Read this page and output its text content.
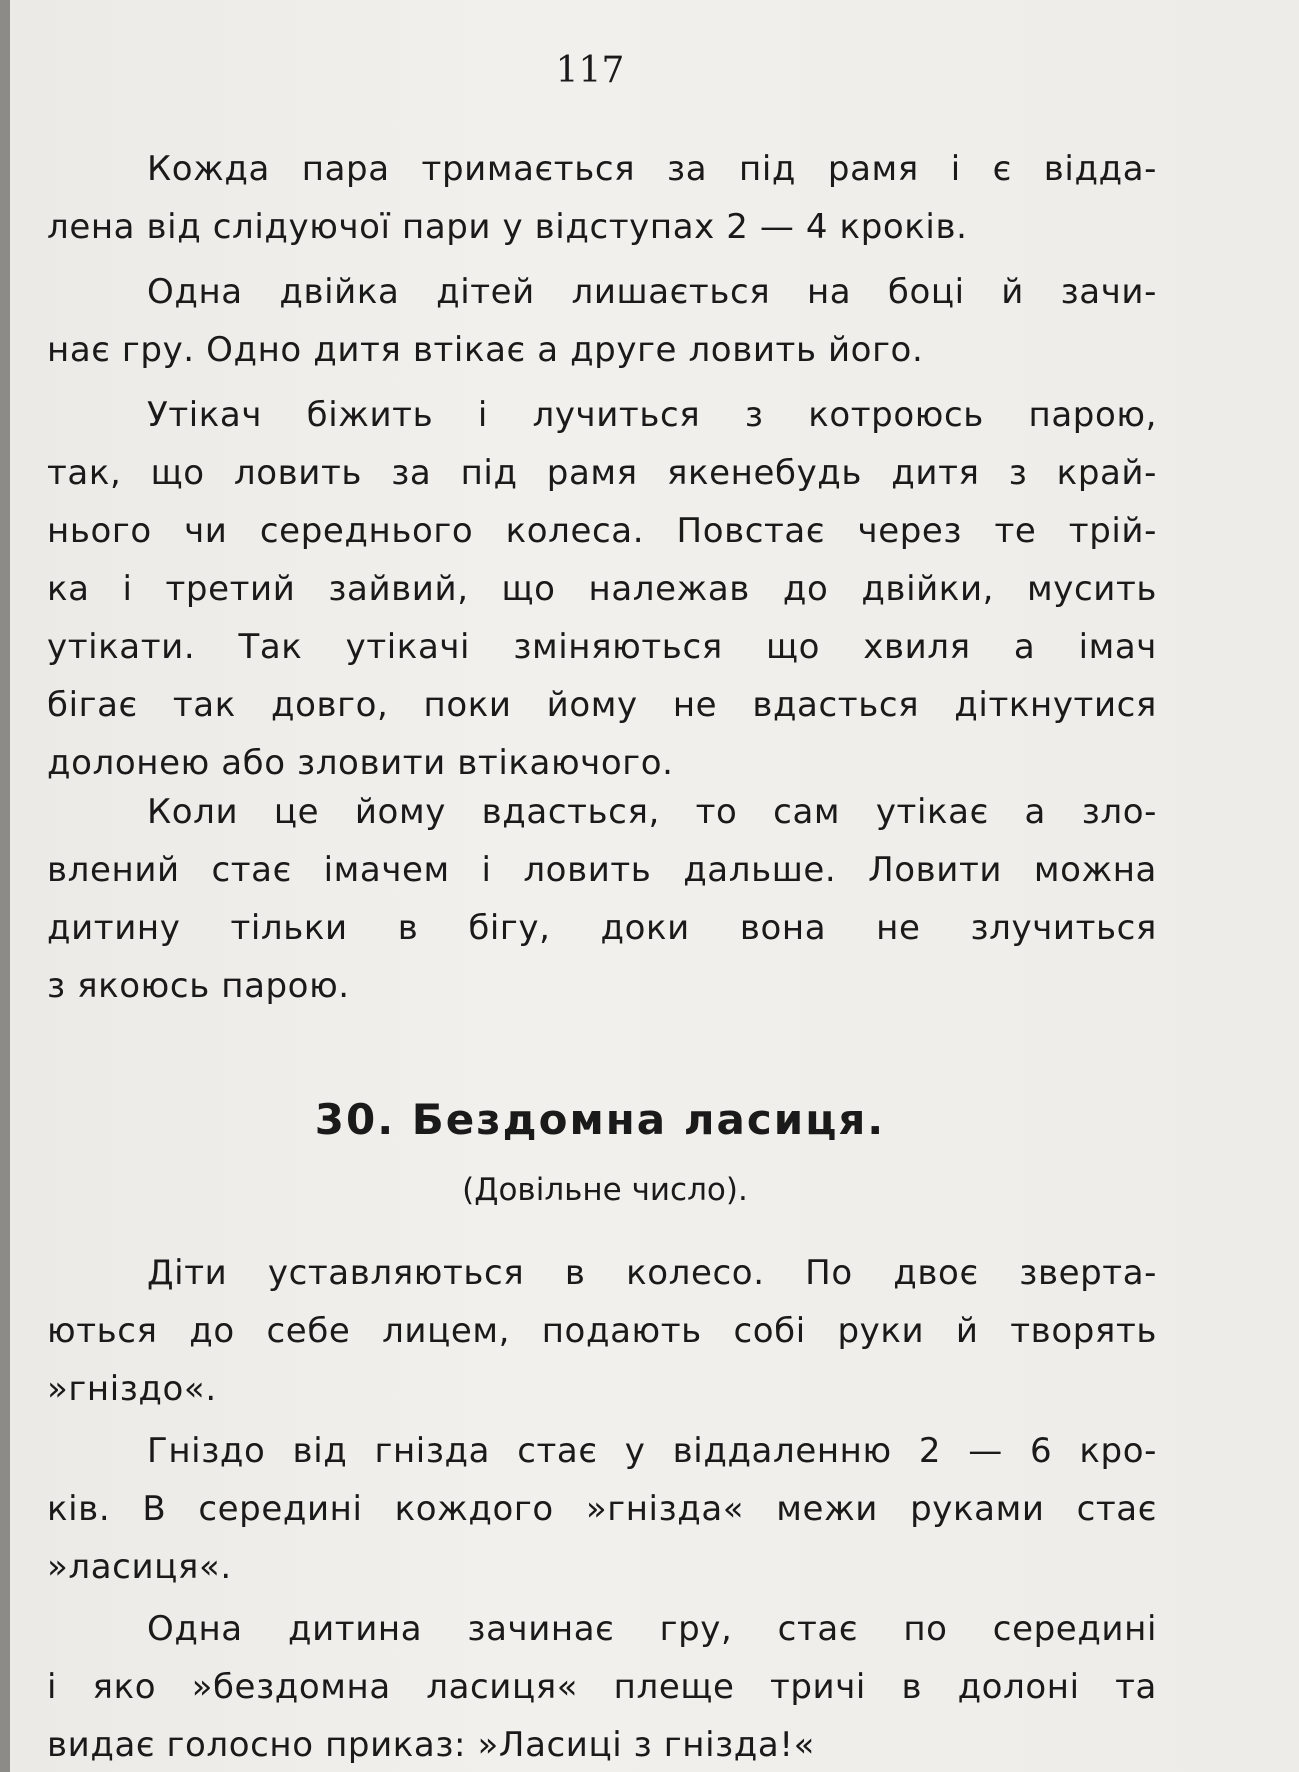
117
Кожда пара тримається за під рамя і є відда-
лена від слідуючої пари у відступах 2 — 4 кроків.
Одна двійка дітей лишається на боці й зачи-
нає гру. Одно дитя втікає а друге ловить його.
Утікач біжить і лучиться з котроюсь парою,
так, що ловить за під рамя якенебудь дитя з край-
нього чи середнього колеса. Повстає через те трій-
ка і третий зайвий, що належав до двійки, мусить
утікати. Так утікачі зміняються що хвиля а імач
бігає так довго, поки йому не вдасться діткнутися
долонею або зловити втікаючого.
Коли це йому вдасться, то сам утікає а зло-
влений стає імачем і ловить дальше. Ловити можна
дитину тільки в бігу, доки вона не злучиться
з якоюсь парою.
30. Бездомна ласиця.
(Довільне число).
Діти уставляються в колесо. По двоє зверта-
ються до себе лицем, подають собі руки й творять
»гніздо«.
Гніздо від гнізда стає у віддаленню 2 — 6 кро-
ків. В середині кождого »гнізда« межи руками стає
»ласиця«.
Одна дитина зачинає гру, стає по середині
і яко »бездомна ласиця« плеще тричі в долоні та
видає голосно приказ: »Ласиці з гнізда!«
